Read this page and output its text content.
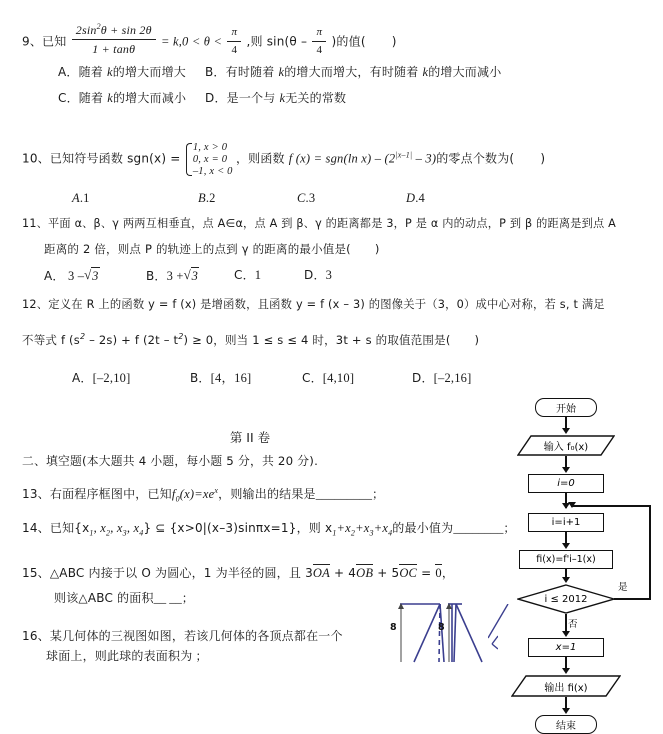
9、已知 $\frac{2\sin^2\theta + \sin 2\theta}{1 + \tan\theta} = k,0 < \theta < \frac{\pi}{4}$ ,则 $\sin(\theta - \frac{\pi}{4}$ )的值( )
A．随着 k的增大而增大 B．有时随着 k的增大而增大，有时随着 k的增大而减小
C．随着 k的增大而减小 D．是一个与 k无关的常数
10、已知符号函数 sgn(x) =
1, x > 0
0, x = 0
–1, x < 0
，则函数 f (x) = sgn(ln $x) - (2^{|x-1|} - 3)$的零点个数为( )
A.1	B.2	C.3	D.4
11、平面 α、β、γ 两两互相垂直，点 A∈α，点 A 到 β、γ 的距离都是 3，P 是 α 内的动点，P 到 β 的距离是到点 A
距离的 2 倍，则点 P 的轨迹上的点到 γ 的距离的最小值是( )
A． 3 – √ 3	B．3 + √ 3	C．1	D．3
12、定义在 R 上的函数 y = f (x) 是增函数，且函数 y = f (x – 3) 的图像关于（3，0）成中心对称，若 s, t 满足
不等式 f $(s^2 - 2s) + f$ $(2t - t^2) \ge 0$，则当 1 ≤ s ≤ 4 时，3t + s 的取值范围是( )
A．[–2,10]	B．[4，16]	C．[4,10]	D．[–2,16]
第 II 卷
二、填空题(本大题共 4 小题，每小题 5 分，共 20 分).
13、右面程序框图中，已知$f_0(x)=xe^x$，则输出的结果是_________；
14、已知{$x_1$, $x_2$, $x_3$, $x_4$} ⊆ {x>0|(x–3)sinπx=1}，则 $x_1+x_2+x_3+x_4$的最小值为________；
15、△ABC 内接于以 O 为圆心，1 为半径的圆，且 3OA + 4OB + 5OC = 0，
则该△ABC 的面积__ __；
16、某几何体的三视图如图，若该几何体的各顶点都在一个
球面上，则此球的表面积为 ；
开始
输入 f₀(x)
i=0
i=i+1
fi(x)=f'i–1(x)
i ≤ 2012
是
否
x=1
输出 fi(x)
结束
8	8
